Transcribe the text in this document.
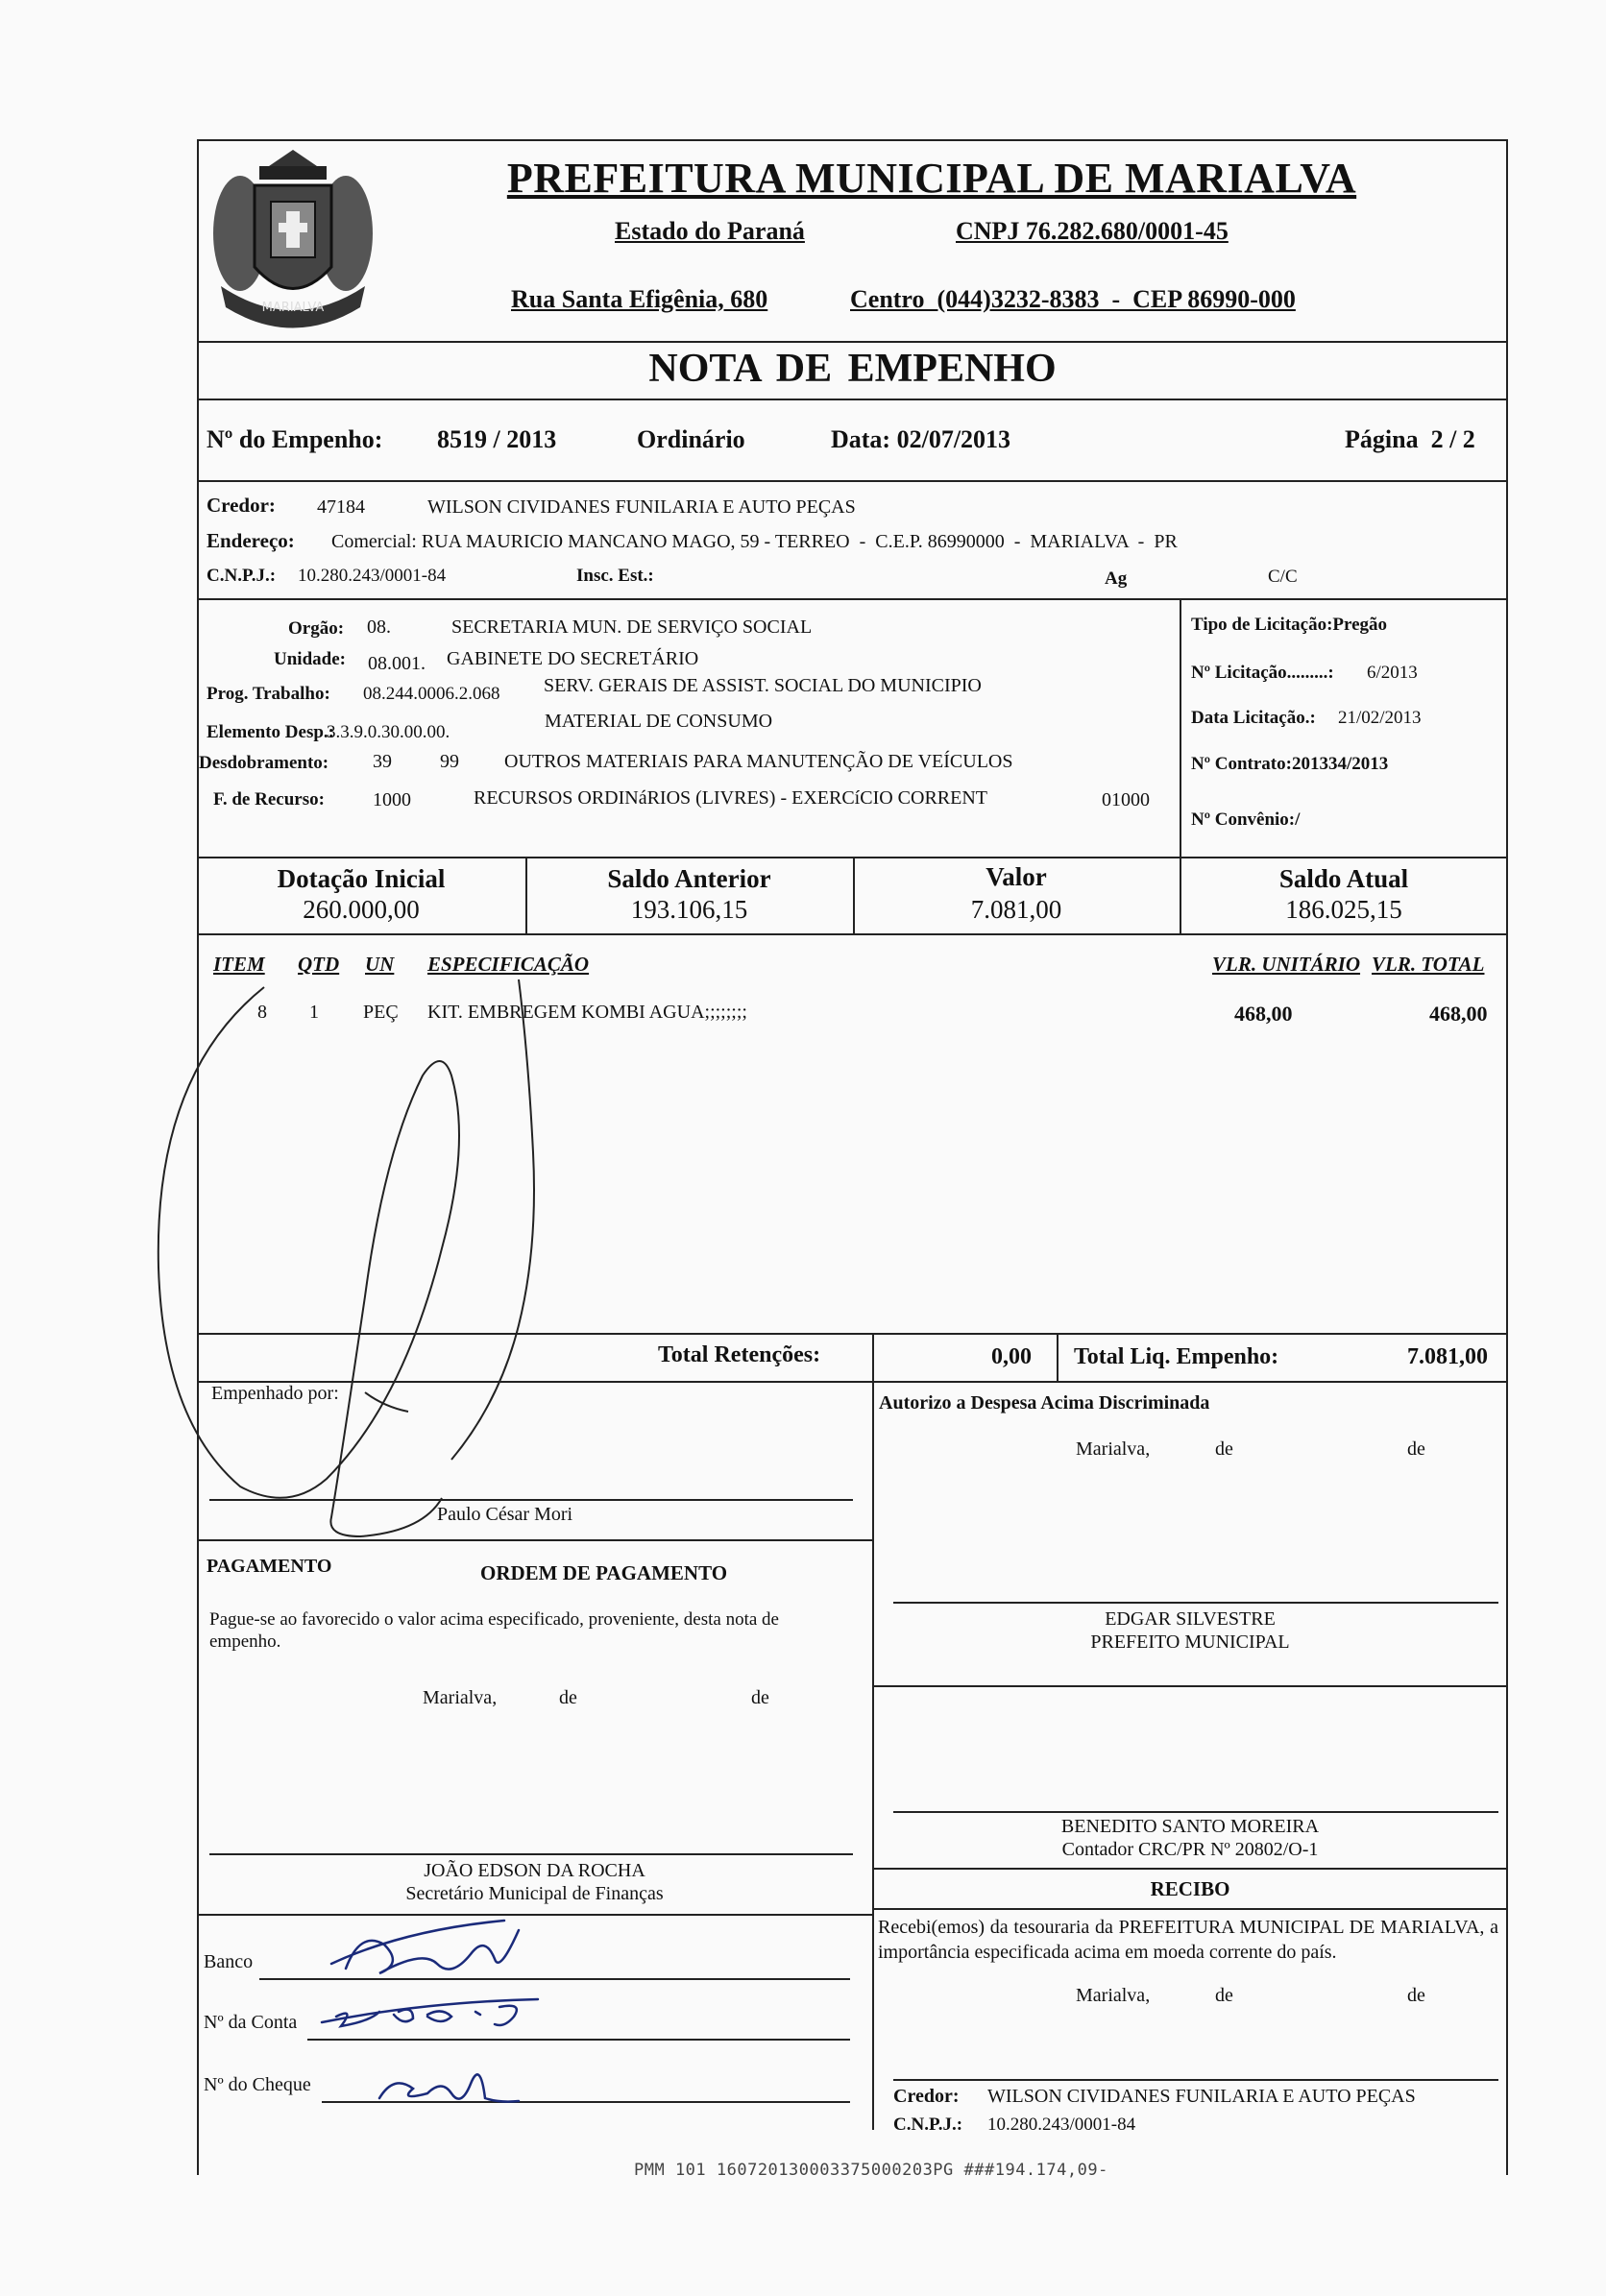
MARIALVA
PREFEITURA MUNICIPAL DE MARIALVA
Estado do Paraná	CNPJ 76.282.680/0001-45
Rua Santa Efigênia, 680	Centro  (044)3232-8383  -  CEP 86990-000
NOTA DE EMPENHO
Nº do Empenho: 8519 / 2013	Ordinário	Data: 02/07/2013	Página  2 / 2
Credor: 47184	WILSON CIVIDANES FUNILARIA E AUTO PEÇAS
Endereço: Comercial: RUA MAURICIO MANCANO MAGO, 59 - TERREO  -  C.E.P. 86990000  -  MARIALVA  -  PR
C.N.P.J.: 10.280.243/0001-84	Insc. Est.:	Ag	C/C
Orgão: 08.	SECRETARIA MUN. DE SERVIÇO SOCIAL
Unidade: 08.001. GABINETE DO SECRETÁRIO
Prog. Trabalho: 08.244.0006.2.068 SERV. GERAIS DE ASSIST. SOCIAL DO MUNICIPIO
Elemento Desp.:
3.3.9.0.30.00.00.
MATERIAL DE CONSUMO
Desdobramento: 39	99 OUTROS MATERIAIS PARA MANUTENÇÃO DE VEÍCULOS
F. de Recurso:	1000	RECURSOS ORDINáRIOS (LIVRES) - EXERCíCIO CORRENT	01000
Tipo de Licitação:Pregão
Nº Licitação.........: 6/2013
Data Licitação.: 21/02/2013
Nº Contrato:201334/2013
Nº Convênio:/
Dotação Inicial
260.000,00
Saldo Anterior
193.106,15
Valor
7.081,00
Saldo Atual
186.025,15
ITEM QTD UN ESPECIFICAÇÃO	VLR. UNITÁRIO VLR. TOTAL
8 1 PEÇ KIT. EMBREGEM KOMBI AGUA;;;;;;;;	468,00	468,00
Total Retenções:	0,00 Total Liq. Empenho:	7.081,00
Empenhado por:
Paulo César Mori
Autorizo a Despesa Acima Discriminada
Marialva,	de	de
PAGAMENTO	ORDEM DE PAGAMENTO
Pague-se ao favorecido o valor acima especificado, proveniente, desta nota de empenho.
Marialva,	de	de
JOÃO EDSON DA ROCHA
Secretário Municipal de Finanças
Banco
Nº da Conta
Nº do Cheque
EDGAR SILVESTRE
PREFEITO MUNICIPAL
BENEDITO SANTO MOREIRA
Contador CRC/PR Nº 20802/O-1
RECIBO
Recebi(emos) da tesouraria da PREFEITURA MUNICIPAL DE MARIALVA, a importância especificada acima em moeda corrente do país.
Marialva,	de	de
Credor: WILSON CIVIDANES FUNILARIA E AUTO PEÇAS
C.N.P.J.: 10.280.243/0001-84
PMM 101 160720130003375000203PG ###194.174,09-
